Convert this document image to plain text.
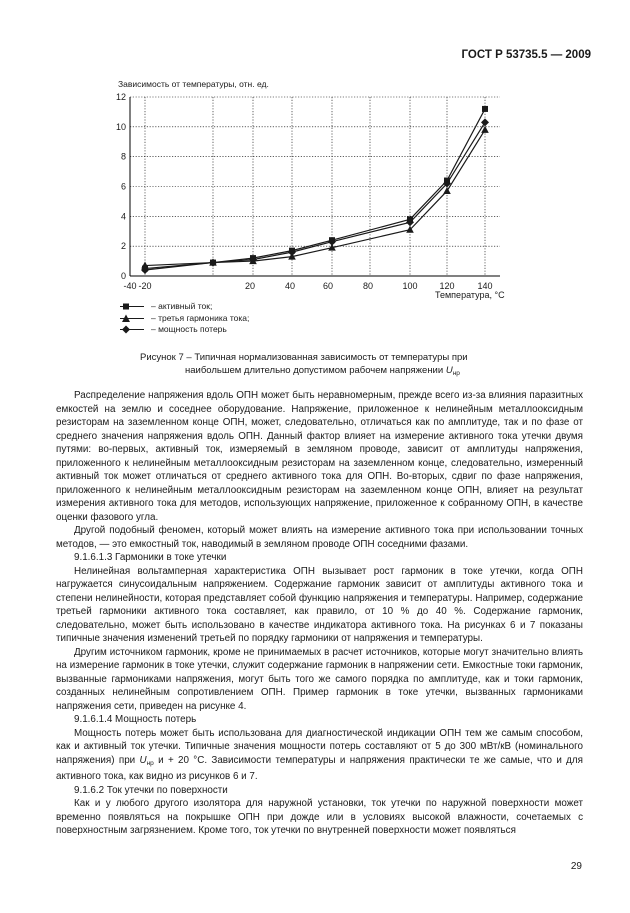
ГОСТ Р 53735.5 — 2009
Зависимость от температуры, отн. ед.
0
2
4
6
8
10
12
-40 -20	20	40	60	80	100 120	140
Температура, °С
– активный ток;
– третья гармоника тока;
– мощность потерь
Рисунок 7 – Типичная нормализованная зависимость от температуры при
наибольшем длительно допустимом рабочем напряжении $U_{нр}$

Распределение напряжения вдоль ОПН может быть неравномерным, прежде всего из-за влияния паразитных емкостей на землю и соседнее оборудование. Напряжение, приложенное к нелинейным металлооксидным резисторам на заземленном конце ОПН, может, следовательно, отличаться как по амплитуде, так и по фазе от среднего значения напряжения вдоль ОПН. Данный фактор влияет на измерение активного тока утечки двумя путями: во-первых, активный ток, измеряемый в земляном проводе, зависит от амплитуды напряжения, приложенного к нелинейным металлооксидным резисторам на заземленном конце, следовательно, измеренный активный ток может отличаться от среднего активного тока для ОПН. Во-вторых, сдвиг по фазе напряжения, приложенного к нелинейным металлооксидным резисторам на заземленном конце ОПН, влияет на результат измерения активного тока для методов, использующих напряжение, приложенное к собранному ОПН, в качестве оценки фазового угла.

Другой подобный феномен, который может влиять на измерение активного тока при использовании точных методов, — это емкостный ток, наводимый в земляном проводе ОПН соседними фазами.

9.1.6.1.3 Гармоники в токе утечки

Нелинейная вольтамперная характеристика ОПН вызывает рост гармоник в токе утечки, когда ОПН нагружается синусоидальным напряжением. Содержание гармоник зависит от амплитуды активного тока и степени нелинейности, которая представляет собой функцию напряжения и температуры. Например, содержание третьей гармоники активного тока составляет, как правило, от 10 % до 40 %. Содержание гармоник, следовательно, может быть использовано в качестве индикатора активного тока. На рисунках 6 и 7 показаны типичные значения изменений третьей по порядку гармоники от напряжения и температуры.

Другим источником гармоник, кроме не принимаемых в расчет источников, которые могут значительно влиять на измерение гармоник в токе утечки, служит содержание гармоник в напряжении сети. Емкостные токи гармоник, вызванные гармониками напряжения, могут быть того же самого порядка по амплитуде, как и токи гармоник, созданных нелинейным сопротивлением ОПН. Пример гармоник в токе утечки, вызванных гармониками напряжения сети, приведен на рисунке 4.

9.1.6.1.4 Мощность потерь

Мощность потерь может быть использована для диагностической индикации ОПН тем же самым способом, как и активный ток утечки. Типичные значения мощности потерь составляют от 5 до 300 мВт/кВ (номинального напряжения) при $U_{нр}$ и + 20 °С. Зависимости температуры и напряжения практически те же самые, что и для активного тока, как видно из рисунков 6 и 7.

9.1.6.2 Ток утечки по поверхности

Как и у любого другого изолятора для наружной установки, ток утечки по наружной поверхности может временно появляться на покрышке ОПН при дожде или в условиях высокой влажности, сочетаемых с поверхностным загрязнением. Кроме того, ток утечки по внутренней поверхности может появляться

29
